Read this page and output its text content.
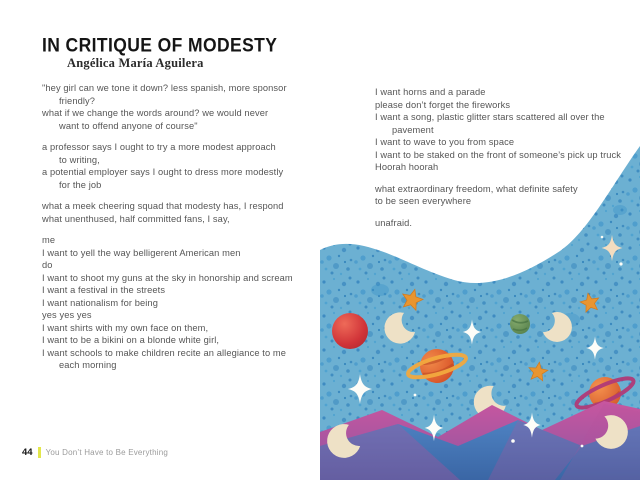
IN CRITIQUE OF MODESTY
Angélica María Aguilera
"hey girl can we tone it down? less spanish, more sponsor
friendly?
what if we change the words around? we would never
want to offend anyone of course"
a professor says I ought to try a more modest approach
to writing,
a potential employer says I ought to dress more modestly
for the job
what a meek cheering squad that modesty has, I respond
what unenthused, half committed fans, I say,
me
I want to yell the way belligerent American men
do
I want to shoot my guns at the sky in honorship and scream
I want a festival in the streets
I want nationalism for being
yes yes yes
I want shirts with my own face on them,
I want to be a bikini on a blonde white girl,
I want schools to make children recite an allegiance to me
each morning
I want horns and a parade
please don’t forget the fireworks
I want a song, plastic glitter stars scattered all over the
pavement
I want to wave to you from space
I want to be staked on the front of someone’s pick up truck
Hoorah hoorah
what extraordinary freedom, what definite safety
to be seen everywhere
unafraid.
44 You Don’t Have to Be Everything
